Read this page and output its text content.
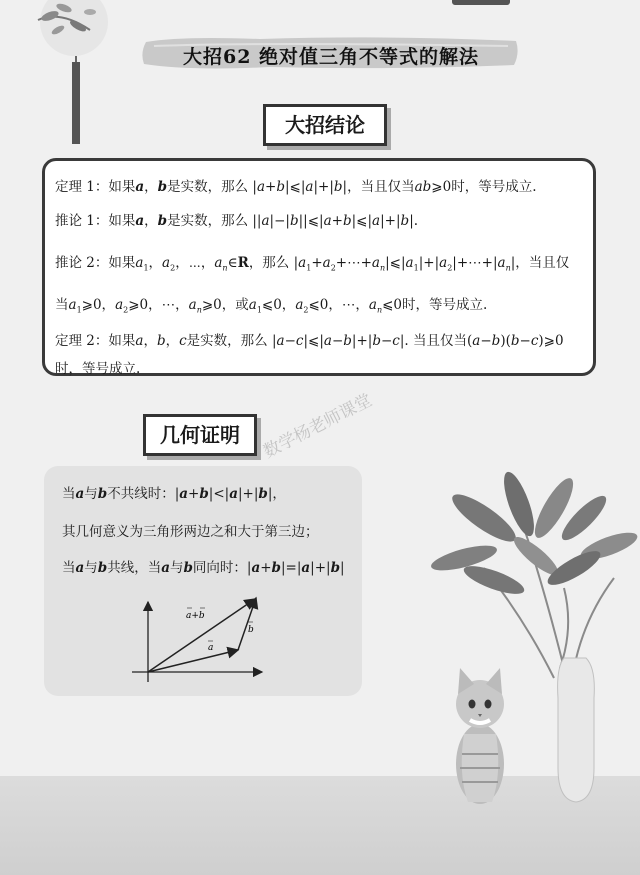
大招62 绝对值三角不等式的解法
大招结论
定理 1：如果a，b是实数，那么 |a+b|⩽|a|+|b|，当且仅当ab⩾0时，等号成立.
推论 1：如果a，b是实数，那么 ||a|−|b||⩽|a+b|⩽|a|+|b|.
推论 2：如果$a_1$，$a_2$，⋯，$a_n\in R$，那么 $|a_1+a_2+\cdots+a_n|⩽|a_1|+|a_2|+\cdots+|a_n|$，当且仅
当$a_1⩾0$，$a_2⩾0$，⋯，$a_n⩾0$，或$a_1⩽0$，$a_2⩽0$，⋯，$a_n⩽0$时，等号成立.
定理 2：如果a，b，c是实数，那么 |a−c|⩽|a−b|+|b−c|. 当且仅当(a−b)(b−c)⩾0
时，等号成立.
几何证明	数学杨老师课堂
当a与b不共线时：|a+b|<|a|+|b|，
其几何意义为三角形两边之和大于第三边；
当a与b共线，当a与b同向时：|a+b|=|a|+|b|
a+b
a
b
